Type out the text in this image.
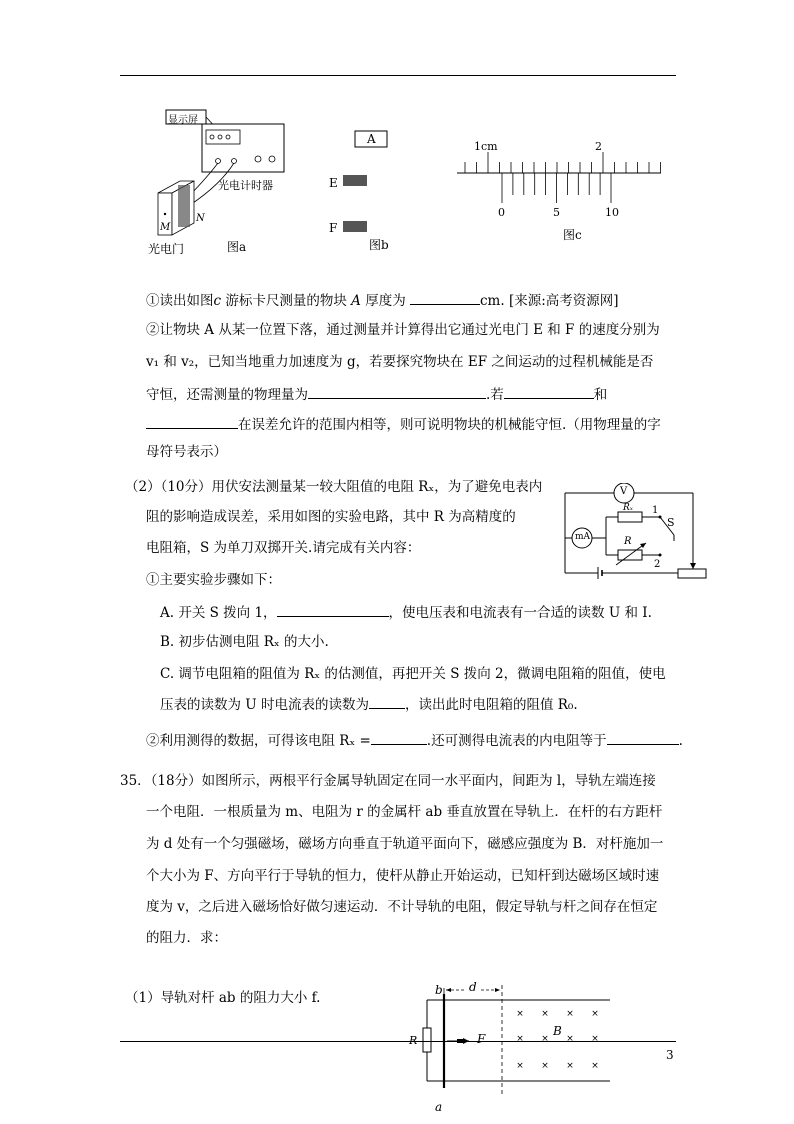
显示屏
光电计时器
N
M
光电门	图a
A
E
F
图b
1cm	2
0	5	10
图c
①读出如图c 游标卡尺测量的物块 A 厚度为	cm. [来源:高考资源网]
②让物块 A 从某一位置下落，通过测量并计算得出它通过光电门 E 和 F 的速度分别为
v₁ 和 v₂，已知当地重力加速度为 g，若要探究物块在 EF 之间运动的过程机械能是否
守恒，还需测量的物理量为	.若	和
在误差允许的范围内相等，则可说明物块的机械能守恒.（用物理量的字
母符号表示）
（2）（10分）用伏安法测量某一较大阻值的电阻 Rₓ，为了避免电表内
阻的影响造成误差，采用如图的实验电路，其中 R 为高精度的
电阻箱，S 为单刀双掷开关.请完成有关内容：
①主要实验步骤如下：
A. 开关 S 拨向 1，	，使电压表和电流表有一合适的读数 U 和 I.
B. 初步估测电阻 Rₓ 的大小.
C. 调节电阻箱的阻值为 Rₓ 的估测值，再把开关 S 拨向 2，微调电阻箱的阻值，使电
压表的读数为 U 时电流表的读数为	，读出此时电阻箱的阻值 R₀.
②利用测得的数据，可得该电阻 Rₓ =	.还可测得电流表的内电阻等于	.
V
mA
Rₓ
R
1
S
2
35．（18分）如图所示，两根平行金属导轨固定在同一水平面内，间距为 l，导轨左端连接
一个电阻．一根质量为 m、电阻为 r 的金属杆 ab 垂直放置在导轨上．在杆的右方距杆
为 d 处有一个匀强磁场，磁场方向垂直于轨道平面向下，磁感应强度为 B．对杆施加一
个大小为 F、方向平行于导轨的恒力，使杆从静止开始运动，已知杆到达磁场区域时速
度为 v，之后进入磁场恰好做匀速运动．不计导轨的电阻，假定导轨与杆之间存在恒定
的阻力．求：
（1）导轨对杆 ab 的阻力大小 f.
× × × ×
× × × ×
× × × ×
b d
R	F
B
a
3
